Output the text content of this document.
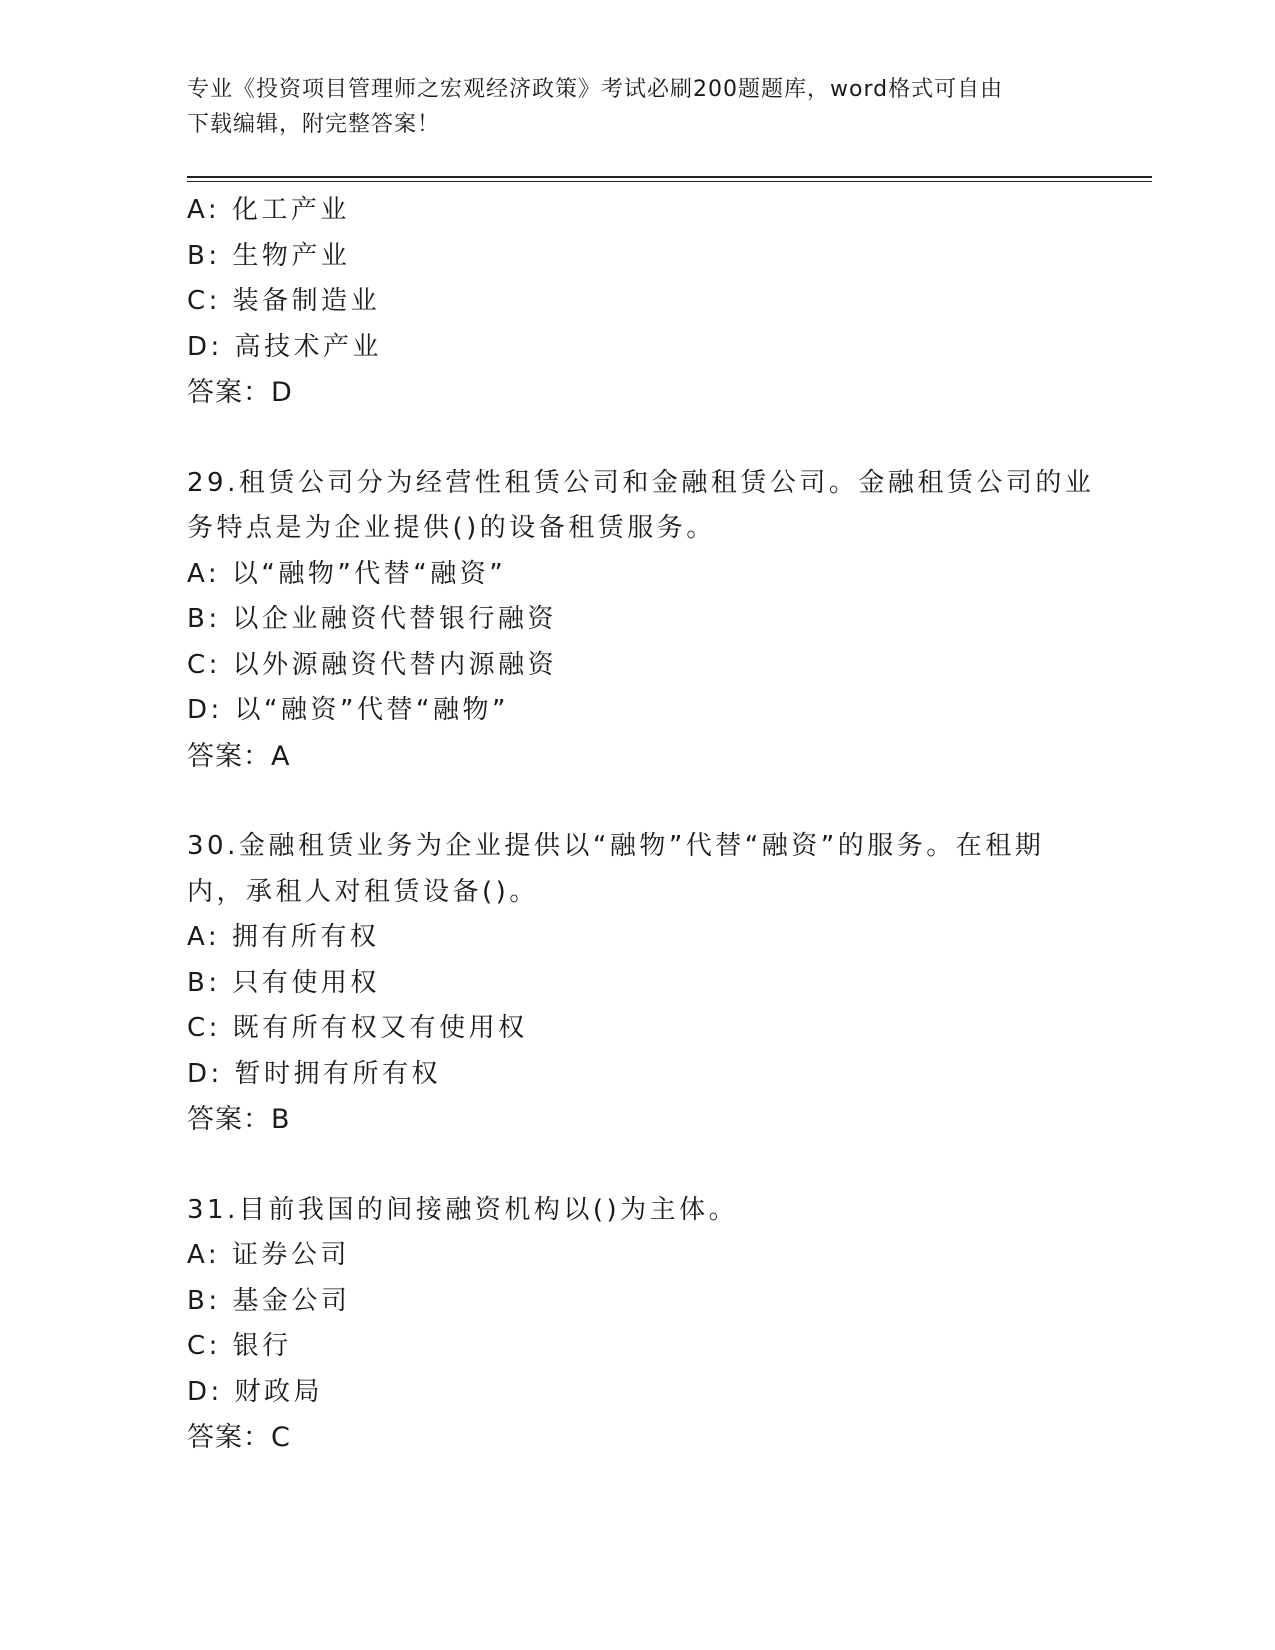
专业《投资项目管理师之宏观经济政策》考试必刷200题题库，word格式可自由
下载编辑，附完整答案！
A: 化工产业
B: 生物产业
C: 装备制造业
D: 高技术产业
答案：D
29.租赁公司分为经营性租赁公司和金融租赁公司。金融租赁公司的业
务特点是为企业提供()的设备租赁服务。
A: 以“融物”代替“融资”
B: 以企业融资代替银行融资
C: 以外源融资代替内源融资
D: 以“融资”代替“融物”
答案：A
30.金融租赁业务为企业提供以“融物”代替“融资”的服务。在租期
内，承租人对租赁设备()。
A: 拥有所有权
B: 只有使用权
C: 既有所有权又有使用权
D: 暂时拥有所有权
答案：B
31.目前我国的间接融资机构以()为主体。
A: 证券公司
B: 基金公司
C: 银行
D: 财政局
答案：C
